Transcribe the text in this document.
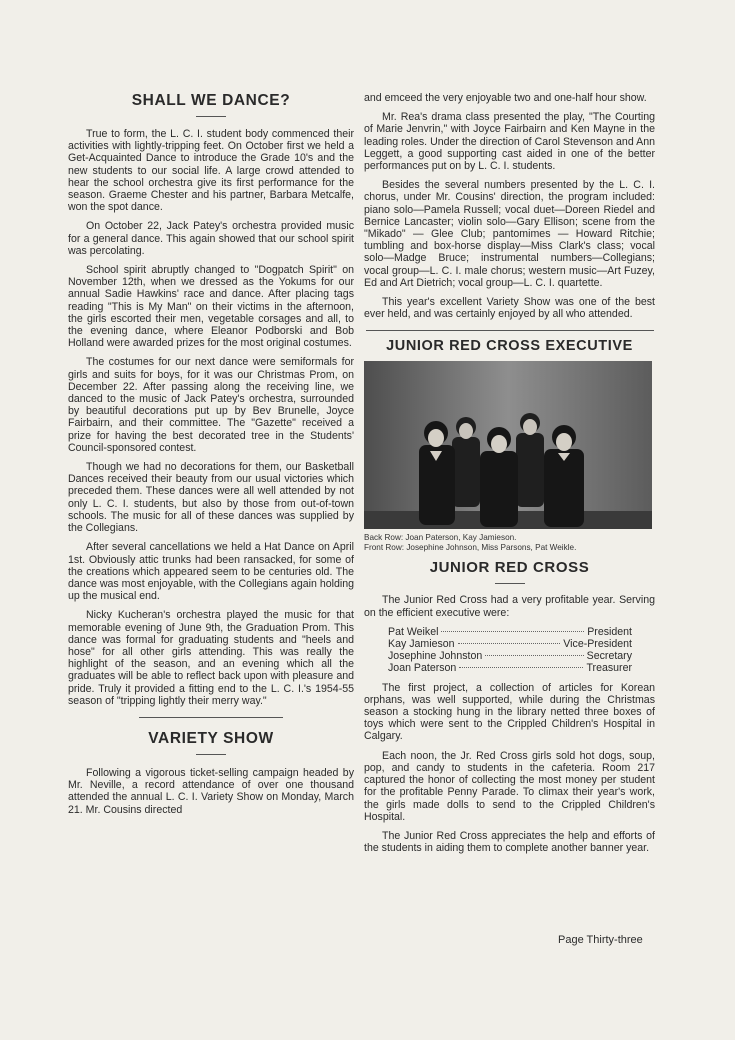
SHALL WE DANCE?

True to form, the L. C. I. student body commenced their activities with lightly-tripping feet. On October first we held a Get-Acquainted Dance to introduce the Grade 10's and the new students to our social life. A large crowd attended to hear the school orchestra give its first performance for the season. Graeme Chester and his partner, Barbara Metcalfe, won the spot dance.

On October 22, Jack Patey's orchestra provided music for a general dance. This again showed that our school spirit was percolating.

School spirit abruptly changed to "Dogpatch Spirit" on November 12th, when we dressed as the Yokums for our annual Sadie Hawkins' race and dance. After placing tags reading "This is My Man" on their victims in the afternoon, the girls escorted their men, vegetable corsages and all, to the evening dance, where Eleanor Podborski and Bob Holland were awarded prizes for the most original costumes.

The costumes for our next dance were semiformals for girls and suits for boys, for it was our Christmas Prom, on December 22. After passing along the receiving line, we danced to the music of Jack Patey's orchestra, surrounded by beautiful decorations put up by Bev Brunelle, Joyce Fairbairn, and their committee. The "Gazette" received a prize for having the best decorated tree in the Students' Council-sponsored contest.

Though we had no decorations for them, our Basketball Dances received their beauty from our usual victories which preceded them. These dances were all well attended by not only L. C. I. students, but also by those from out-of-town schools. The music for all of these dances was supplied by the Collegians.

After several cancellations we held a Hat Dance on April 1st. Obviously attic trunks had been ransacked, for some of the creations which appeared seem to be centuries old. The dance was most enjoyable, with the Collegians again holding up the musical end.

Nicky Kucheran's orchestra played the music for that memorable evening of June 9th, the Graduation Prom. This dance was formal for graduating students and "heels and hose" for all other girls attending. This was really the highlight of the season, and an evening which all the graduates will be able to reflect back upon with pleasure and pride. Truly it provided a fitting end to the L. C. I.'s 1954-55 season of "tripping lightly their merry way."

VARIETY SHOW

Following a vigorous ticket-selling campaign headed by Mr. Neville, a record attendance of over one thousand attended the annual L. C. I. Variety Show on Monday, March 21. Mr. Cousins directed

and emceed the very enjoyable two and one-half hour show.

Mr. Rea's drama class presented the play, "The Courting of Marie Jenvrin," with Joyce Fairbairn and Ken Mayne in the leading roles. Under the direction of Carol Stevenson and Ann Leggett, a good supporting cast aided in one of the better performances put on by L. C. I. students.

Besides the several numbers presented by the L. C. I. chorus, under Mr. Cousins' direction, the program included: piano solo—Pamela Russell; vocal duet—Doreen Riedel and Bernice Lancaster; violin solo—Gary Ellison; scene from the "Mikado" — Glee Club; pantomimes — Howard Ritchie; tumbling and box-horse display—Miss Clark's class; vocal solo—Madge Bruce; instrumental numbers—Collegians; vocal group—L. C. I. male chorus; western music—Art Fuzey, Ed and Art Dietrich; vocal group—L. C. I. quartette.

This year's excellent Variety Show was one of the best ever held, and was certainly enjoyed by all who attended.

JUNIOR RED CROSS EXECUTIVE
Back Row: Joan Paterson, Kay Jamieson.
Front Row: Josephine Johnson, Miss Parsons, Pat Weikle.
JUNIOR RED CROSS

The Junior Red Cross had a very profitable year. Serving on the efficient executive were:

Pat Weikel	President
Kay Jamieson	Vice-President
Josephine Johnston	Secretary
Joan Paterson	Treasurer

The first project, a collection of articles for Korean orphans, was well supported, while during the Christmas season a stocking hung in the library netted three boxes of toys which were sent to the Crippled Children's Hospital in Calgary.

Each noon, the Jr. Red Cross girls sold hot dogs, soup, pop, and candy to students in the cafeteria. Room 217 captured the honor of collecting the most money per student for the profitable Penny Parade. To climax their year's work, the girls made dolls to send to the Crippled Children's Hospital.

The Junior Red Cross appreciates the help and efforts of the students in aiding them to complete another banner year.

Page Thirty-three
